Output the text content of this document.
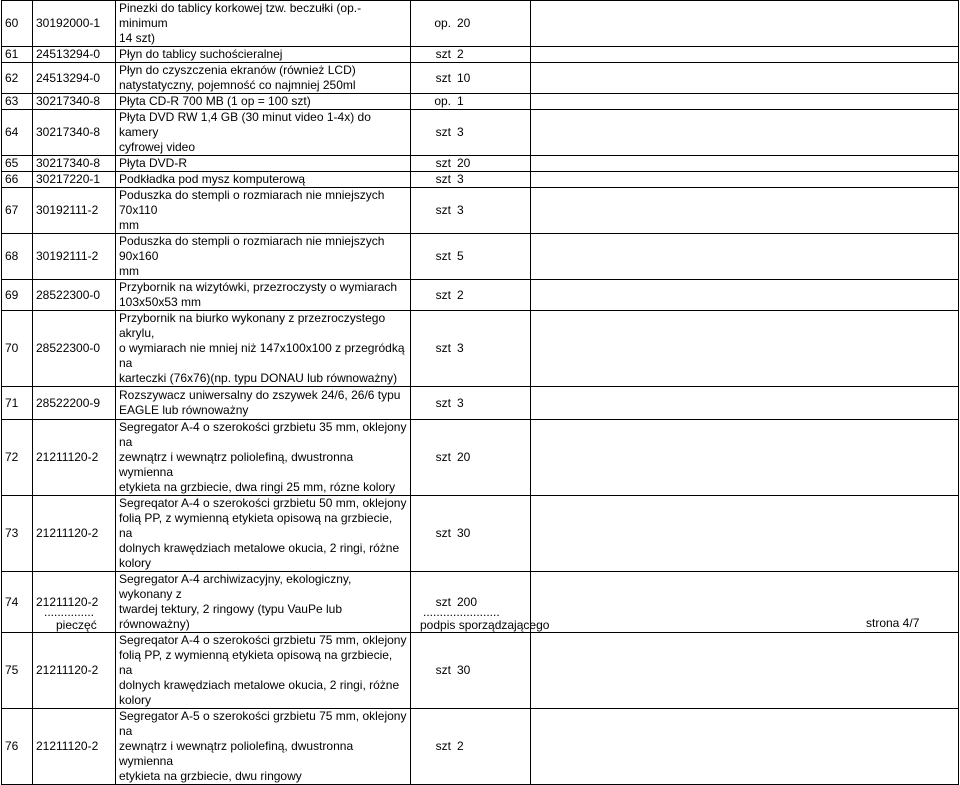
60	30192000-1	Pinezki do tablicy korkowej tzw. beczułki (op.- minimum
14 szt)	op.	20	
61	24513294-0	Płyn do tablicy suchościeralnej	szt	2	
62	24513294-0	Płyn do czyszczenia ekranów (również LCD)
natystatyczny, pojemność co najmniej 250ml	szt	10	
63	30217340-8	Płyta CD-R 700 MB (1 op = 100 szt)	op.	1	
64	30217340-8	Płyta DVD RW 1,4 GB (30 minut video 1-4x) do kamery
cyfrowej video	szt	3	
65	30217340-8	Płyta DVD-R	szt	20	
66	30217220-1	Podkładka pod mysz komputerową	szt	3	
67	30192111-2	Poduszka do stempli o rozmiarach nie mniejszych 70x110
mm	szt	3	
68	30192111-2	Poduszka do stempli o rozmiarach nie mniejszych 90x160
mm	szt	5	
69	28522300-0	Przybornik na wizytówki, przezroczysty o wymiarach
103x50x53 mm	szt	2	
70	28522300-0	Przybornik na biurko wykonany z przezroczystego akrylu,
o wymiarach nie mniej niż 147x100x100 z przegródką na
karteczki (76x76)(np. typu DONAU lub równoważny)	szt	3	
71	28522200-9	Rozszywacz uniwersalny do zszywek 24/6, 26/6 typu
EAGLE lub równoważny	szt	3	
72	21211120-2	Segregator A-4 o szerokości grzbietu 35 mm, oklejony na
zewnątrz i wewnątrz polioleﬁną, dwustronna wymienna
etykieta na grzbiecie, dwa ringi 25 mm, rózne kolory	szt	20	
73	21211120-2	Segreqator A-4 o szerokości grzbietu 50 mm, oklejony
folią PP, z wymienną etykieta opisową na grzbiecie, na
dolnych krawędziach metalowe okucia, 2 ringi, różne
kolory	szt	30	
74	21211120-2	Segregator A-4 archiwizacyjny, ekologiczny, wykonany z
twardej tektury, 2 ringowy (typu VauPe lub równoważny)	szt	200	
75	21211120-2	Segreqator A-4 o szerokości grzbietu 75 mm, oklejony
folią PP, z wymienną etykieta opisową na grzbiecie, na
dolnych krawędziach metalowe okucia, 2 ringi, różne
kolory	szt	30	
76	21211120-2	Segregator A-5 o szerokości grzbietu 75 mm, oklejony na
zewnątrz i wewnątrz polioleﬁną, dwustronna wymienna
etykieta na grzbiecie, dwu ringowy	szt	2	
...............	.......................
pieczęć	podpis sporządzającego	strona 4/7
